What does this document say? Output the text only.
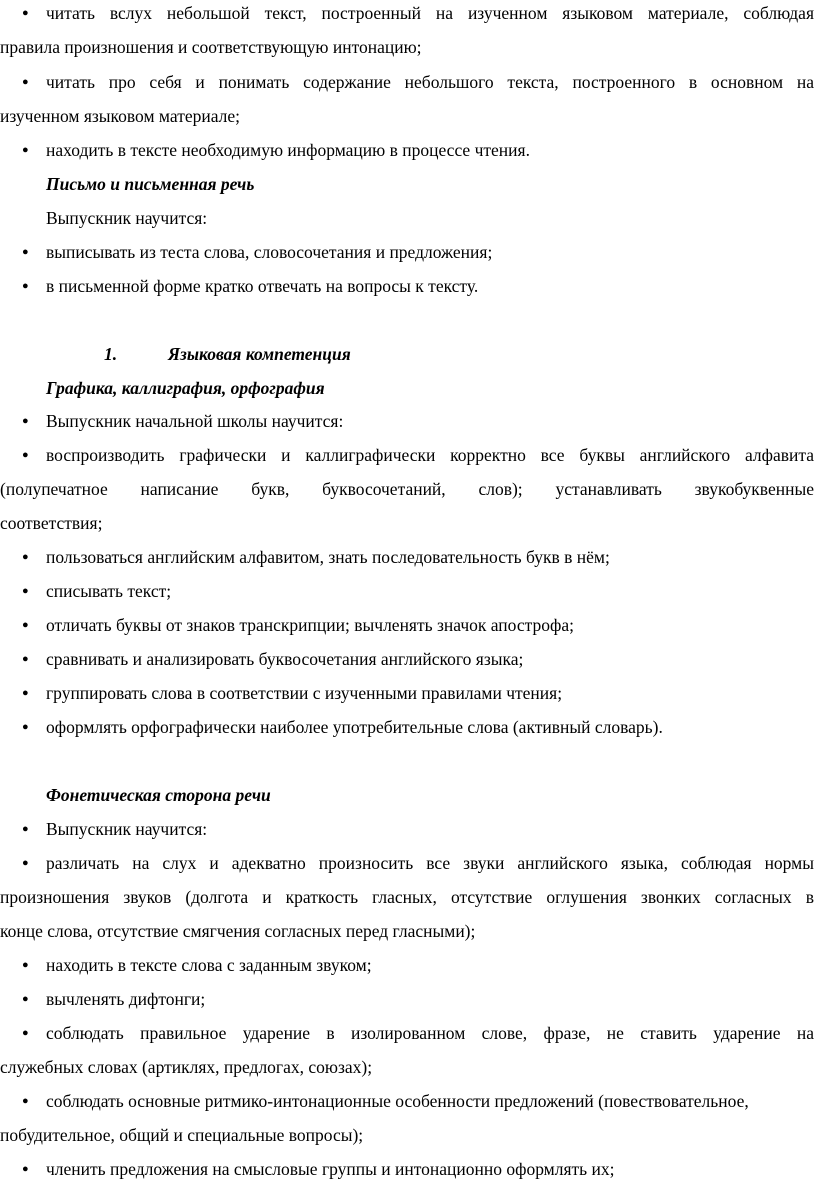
● читать вслух небольшой текст, построенный на изученном языковом материале, соблюдая
правила произношения и соответствующую интонацию;
● читать про себя и понимать содержание небольшого текста, построенного в основном на
изученном языковом материале;
● находить в тексте необходимую информацию в процессе чтения.
Письмо и письменная речь
Выпускник научится:
● выписывать из теста слова, словосочетания и предложения;
● в письменной форме кратко отвечать на вопросы к тексту.
1.	Языковая компетенция
Графика, каллиграфия, орфография
● Выпускник начальной школы научится:
● воспроизводить графически и каллиграфически корректно все буквы английского алфавита
(полупечатное написание букв, буквосочетаний, слов); устанавливать звукобуквенные
соответствия;
● пользоваться английским алфавитом, знать последовательность букв в нём;
● списывать текст;
● отличать буквы от знаков транскрипции; вычленять значок апострофа;
● сравнивать и анализировать буквосочетания английского языка;
● группировать слова в соответствии с изученными правилами чтения;
● оформлять орфографически наиболее употребительные слова (активный словарь).
Фонетическая сторона речи
● Выпускник научится:
● различать на слух и адекватно произносить все звуки английского языка, соблюдая нормы
произношения звуков (долгота и краткость гласных, отсутствие оглушения звонких согласных в
конце слова, отсутствие смягчения согласных перед гласными);
● находить в тексте слова с заданным звуком;
● вычленять дифтонги;
● соблюдать правильное ударение в изолированном слове, фразе, не ставить ударение на
служебных словах (артиклях, предлогах, союзах);
● соблюдать основные ритмико-интонационные особенности предложений (повествовательное,
побудительное, общий и специальные вопросы);
● членить предложения на смысловые группы и интонационно оформлять их;
